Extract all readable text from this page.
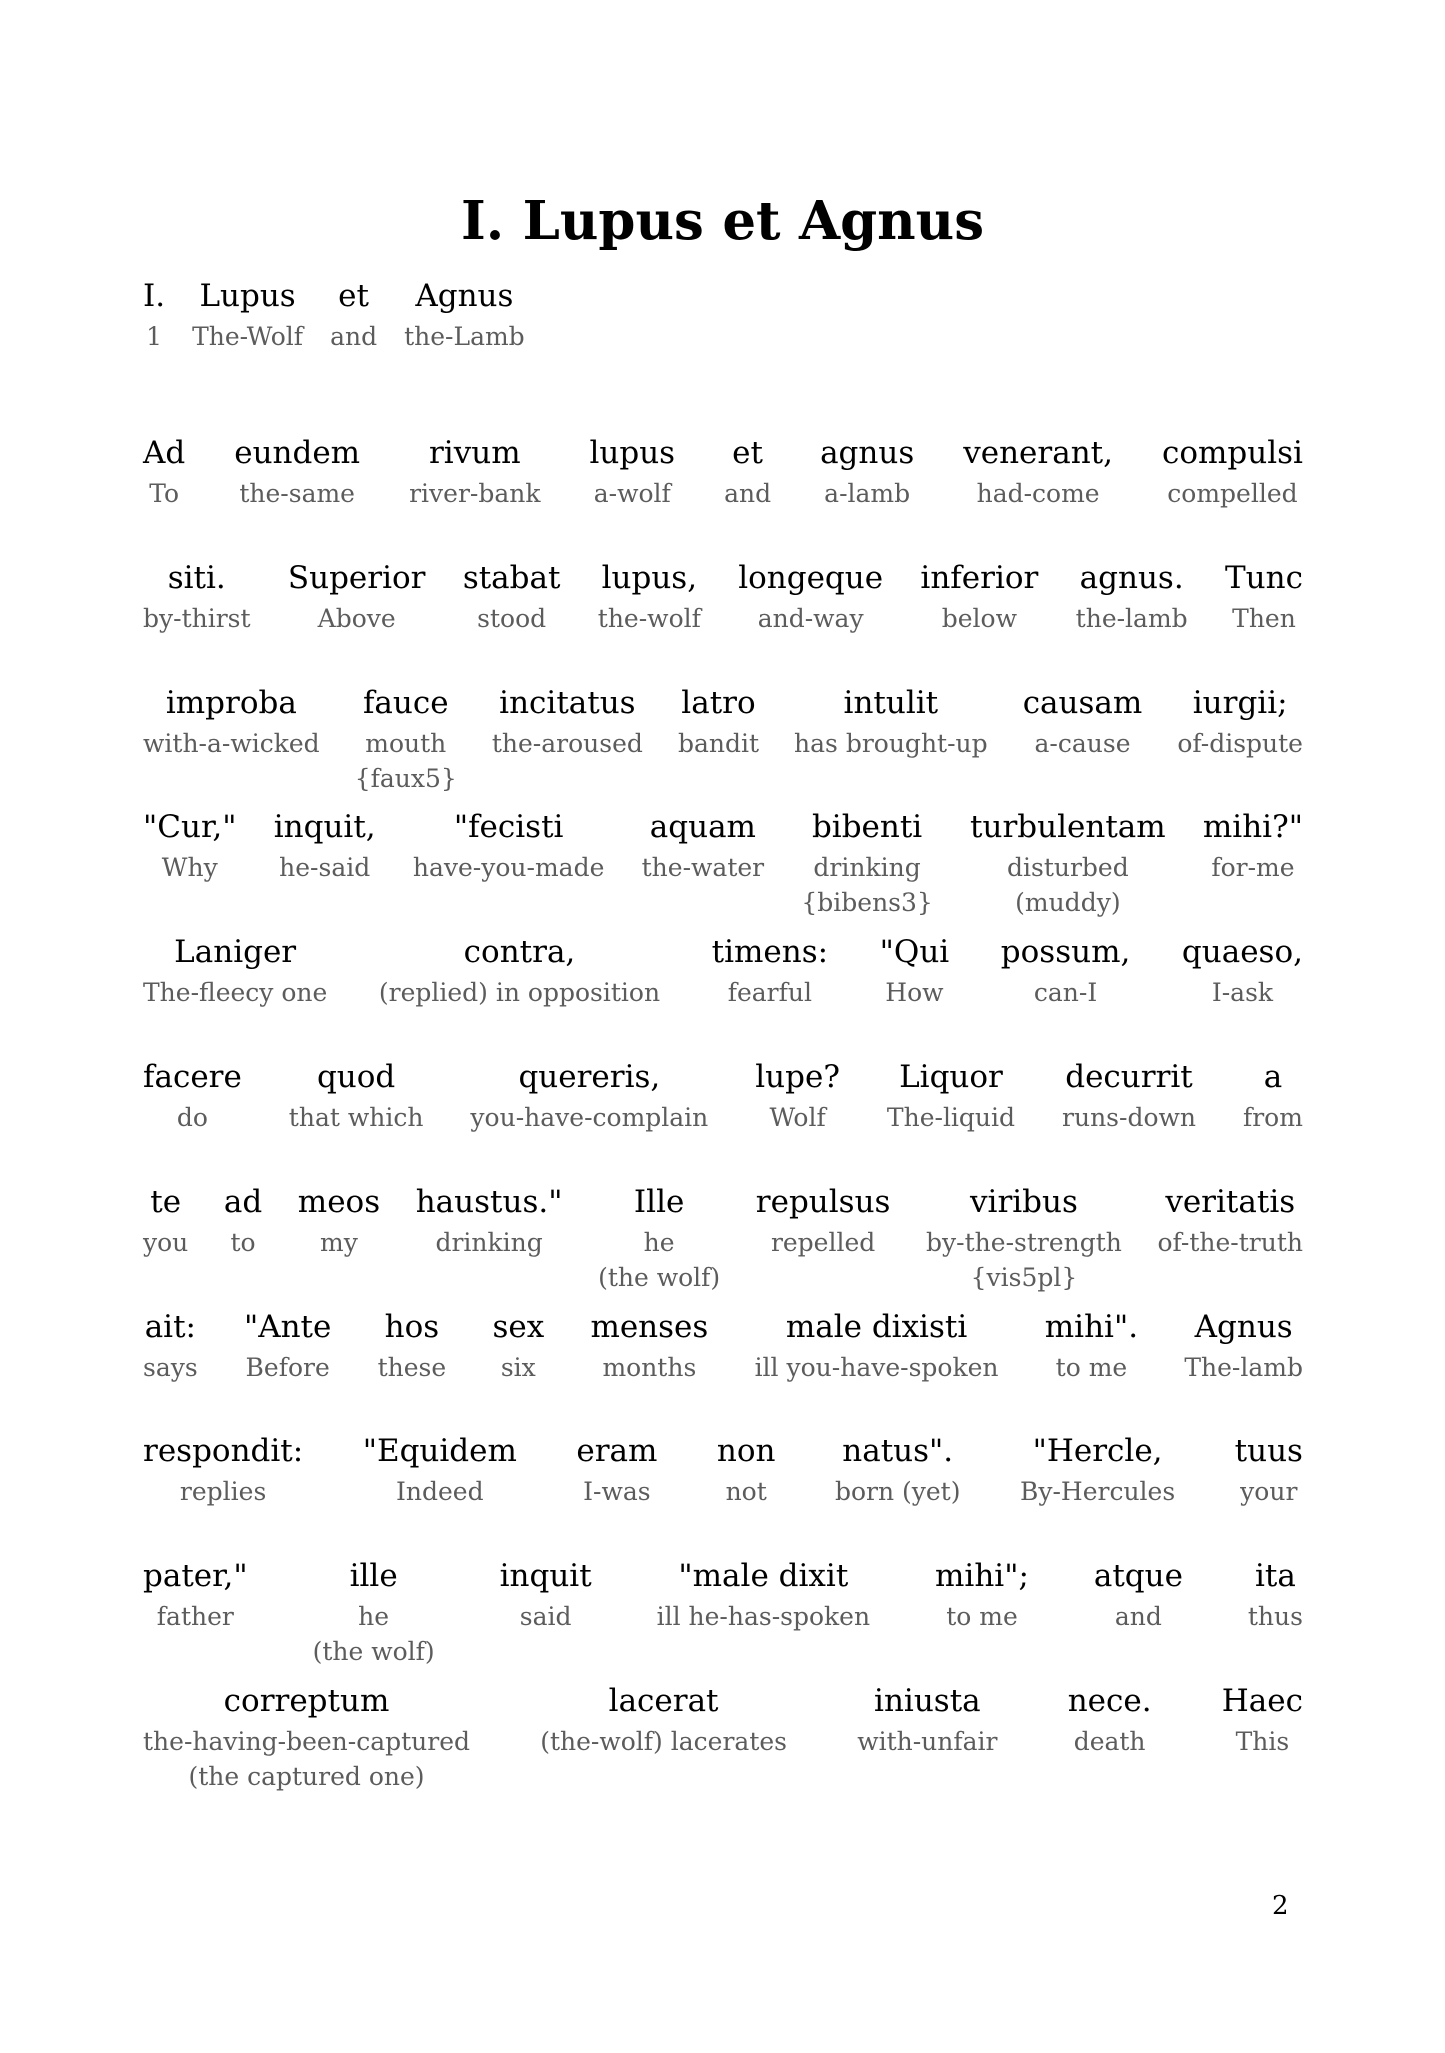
I. Lupus et Agnus
I.
1
Lupus
The-Wolf
et
and
Agnus
the-Lamb
Ad
To
eundem
the-same
rivum
river-bank
lupus
a-wolf
et
and
agnus
a-lamb
venerant,
had-come
compulsi
compelled
siti.
by-thirst
Superior
Above
stabat
stood
lupus,
the-wolf
longeque
and-way
inferior
below
agnus.
the-lamb
Tunc
Then
improba
with-a-wicked
fauce
mouth
{faux5}
incitatus
the-aroused
latro
bandit
intulit
has brought-up
causam
a-cause
iurgii;
of-dispute
"Cur,"
Why
inquit,
he-said
"fecisti
have-you-made
aquam
the-water
bibenti
drinking
{bibens3}
turbulentam
disturbed
(muddy)
mihi?"
for-me
Laniger
The-fleecy one
contra,
(replied) in opposition
timens:
fearful
"Qui
How
possum,
can-I
quaeso,
I-ask
facere
do
quod
that which
quereris,
you-have-complain
lupe?
Wolf
Liquor
The-liquid
decurrit
runs-down
a
from
te
you
ad
to
meos
my
haustus."
drinking
Ille
he
(the wolf)
repulsus
repelled
viribus
by-the-strength
{vis5pl}
veritatis
of-the-truth
ait:
says
"Ante
Before
hos
these
sex
six
menses
months
male dixisti
ill you-have-spoken
mihi".
to me
Agnus
The-lamb
respondit:
replies
"Equidem
Indeed
eram
I-was
non
not
natus".
born (yet)
"Hercle,
By-Hercules
tuus
your
pater,"
father
ille
he
(the wolf)
inquit
said
"male dixit
ill he-has-spoken
mihi";
to me
atque
and
ita
thus
correptum
the-having-been-captured
(the captured one)
lacerat
(the-wolf) lacerates
iniusta
with-unfair
nece.
death
Haec
This
2
